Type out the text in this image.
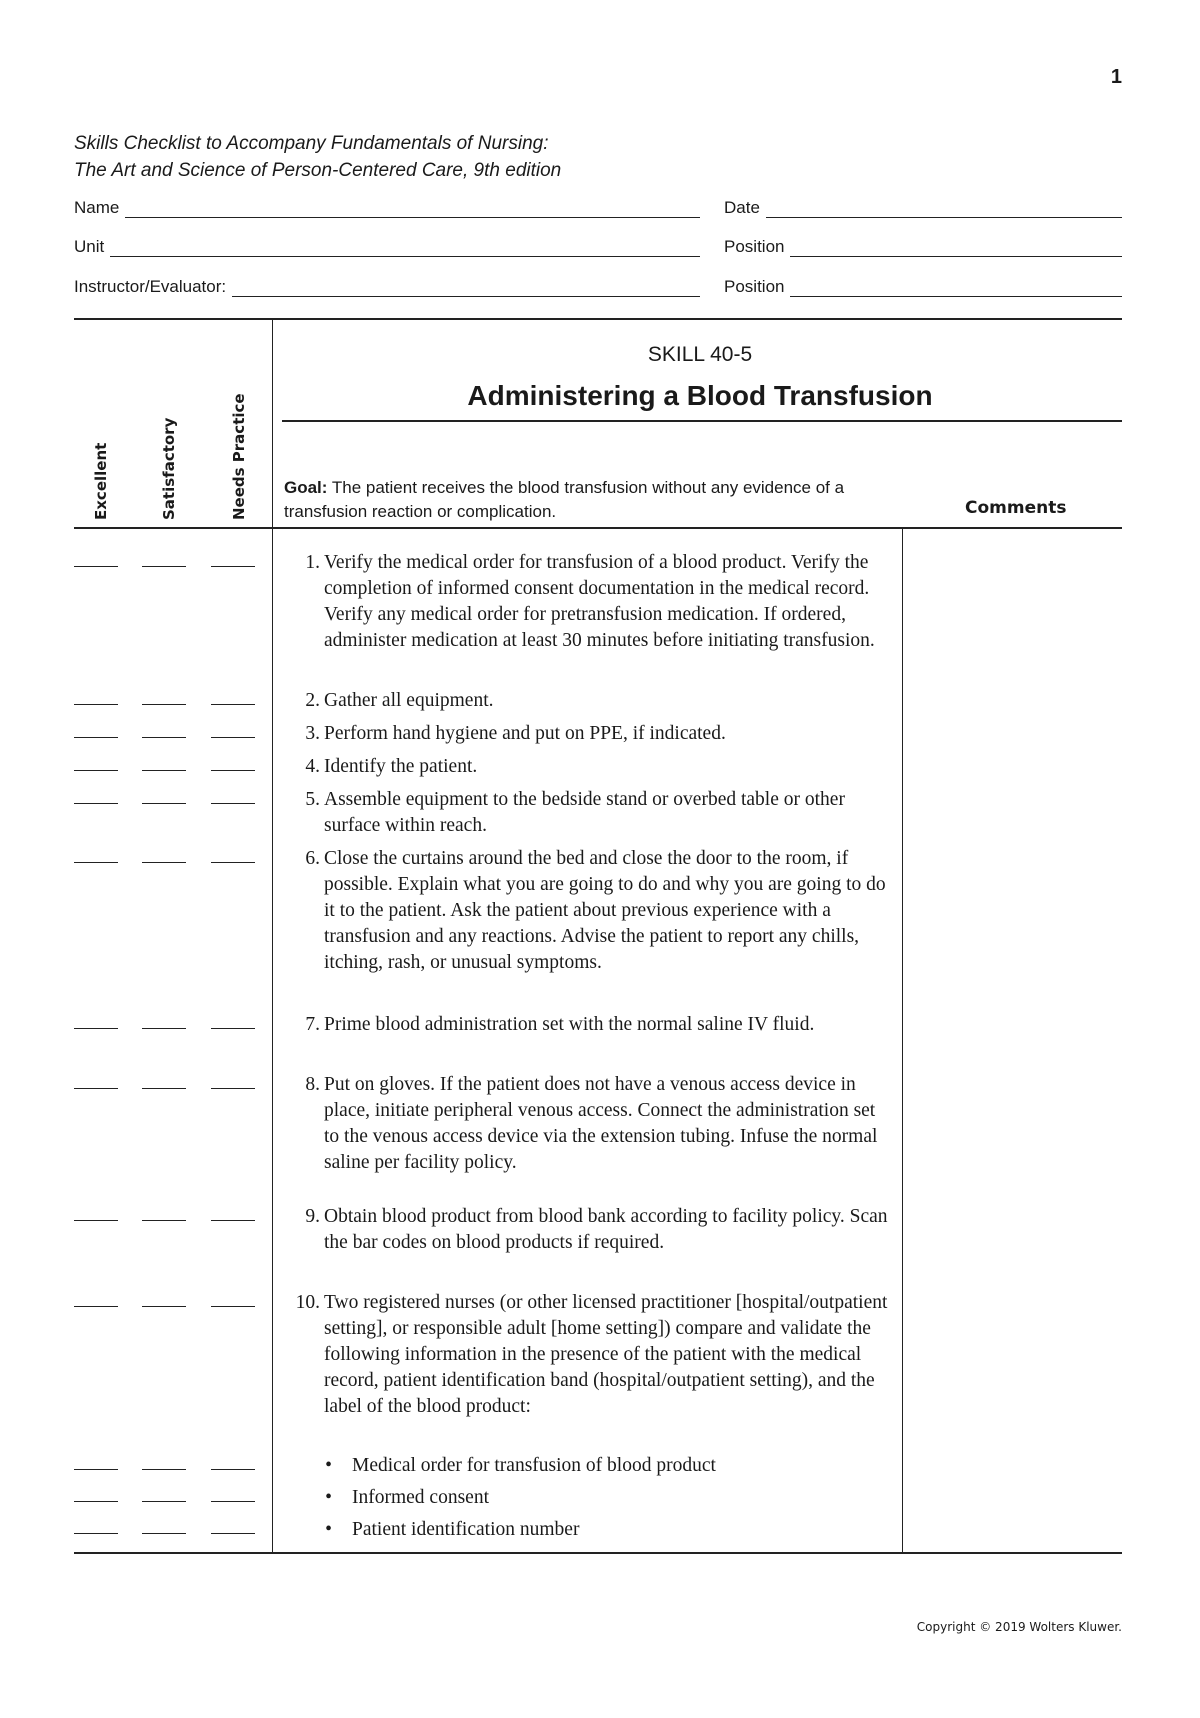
1
Skills Checklist to Accompany Fundamentals of Nursing:
The Art and Science of Person-Centered Care, 9th edition
Name	Date
Unit	Position
Instructor/Evaluator:	Position
Excellent	Satisfactory	Needs Practice
SKILL 40-5
Administering a Blood Transfusion
Goal: The patient receives the blood transfusion without any evidence of a transfusion reaction or complication.	Comments
1. Verify the medical order for transfusion of a blood product. Verify the completion of informed consent documentation in the medical record. Verify any medical order for pretransfusion medication. If ordered, administer medication at least 30 minutes before initiating transfusion.
2. Gather all equipment.
3. Perform hand hygiene and put on PPE, if indicated.
4. Identify the patient.
5. Assemble equipment to the bedside stand or overbed table or other surface within reach.
6. Close the curtains around the bed and close the door to the room, if possible. Explain what you are going to do and why you are going to do it to the patient. Ask the patient about previous experience with a transfusion and any reactions. Advise the patient to report any chills, itching, rash, or unusual symptoms.
7. Prime blood administration set with the normal saline IV fluid.
8. Put on gloves. If the patient does not have a venous access device in place, initiate peripheral venous access. Connect the administration set to the venous access device via the extension tubing. Infuse the normal saline per facility policy.
9. Obtain blood product from blood bank according to facility policy. Scan the bar codes on blood products if required.
10. Two registered nurses (or other licensed practitioner [hospital/outpatient setting], or responsible adult [home setting]) compare and validate the following information in the presence of the patient with the medical record, patient identification band (hospital/outpatient setting), and the label of the blood product:
• Medical order for transfusion of blood product
• Informed consent
• Patient identification number
Copyright © 2019 Wolters Kluwer.
